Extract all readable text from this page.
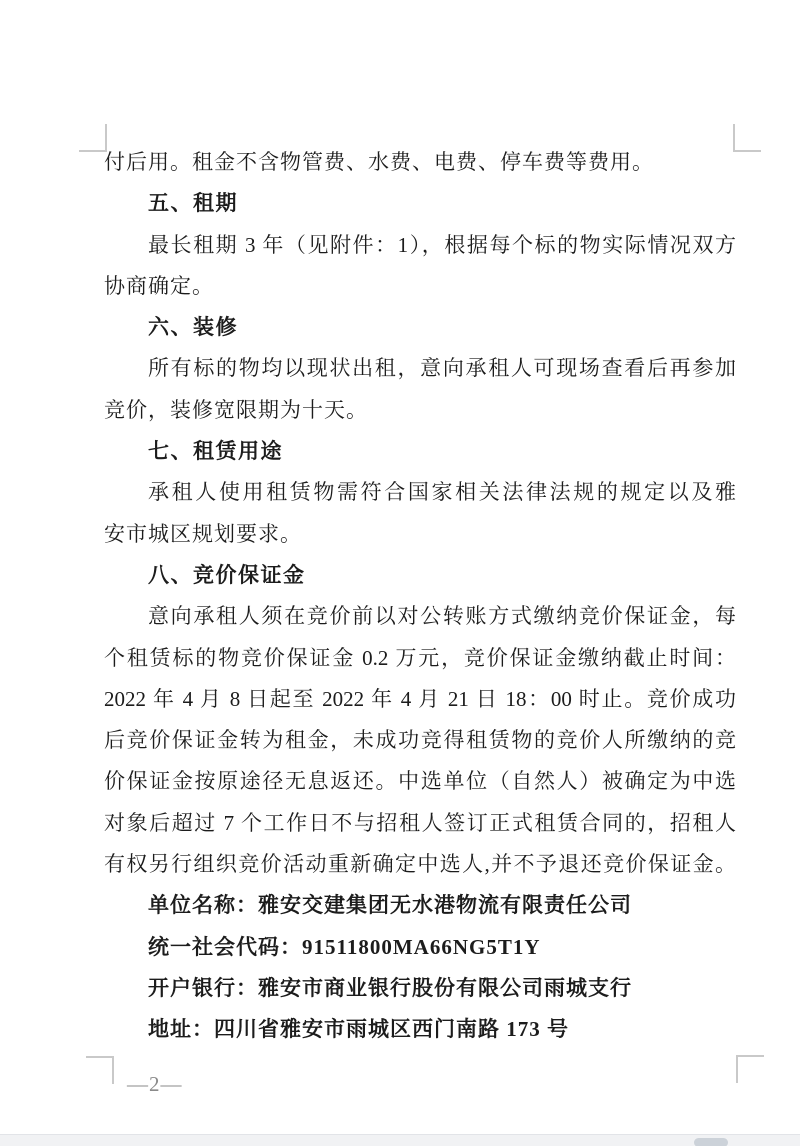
付后用。租金不含物管费、水费、电费、停车费等费用。
五、租期
最长租期 3 年（见附件：1），根据每个标的物实际情况双方
协商确定。
六、装修
所有标的物均以现状出租，意向承租人可现场查看后再参加
竞价，装修宽限期为十天。
七、租赁用途
承租人使用租赁物需符合国家相关法律法规的规定以及雅
安市城区规划要求。
八、竞价保证金
意向承租人须在竞价前以对公转账方式缴纳竞价保证金，每
个租赁标的物竞价保证金 0.2 万元，竞价保证金缴纳截止时间：
2022 年 4 月 8 日起至 2022 年 4 月 21 日 18：00 时止。竞价成功
后竞价保证金转为租金，未成功竞得租赁物的竞价人所缴纳的竞
价保证金按原途径无息返还。中选单位（自然人）被确定为中选
对象后超过 7 个工作日不与招租人签订正式租赁合同的，招租人
有权另行组织竞价活动重新确定中选人,并不予退还竞价保证金。
单位名称：雅安交建集团无水港物流有限责任公司
统一社会代码：91511800MA66NG5T1Y
开户银行：雅安市商业银行股份有限公司雨城支行
地址：四川省雅安市雨城区西门南路 173 号
—2—
